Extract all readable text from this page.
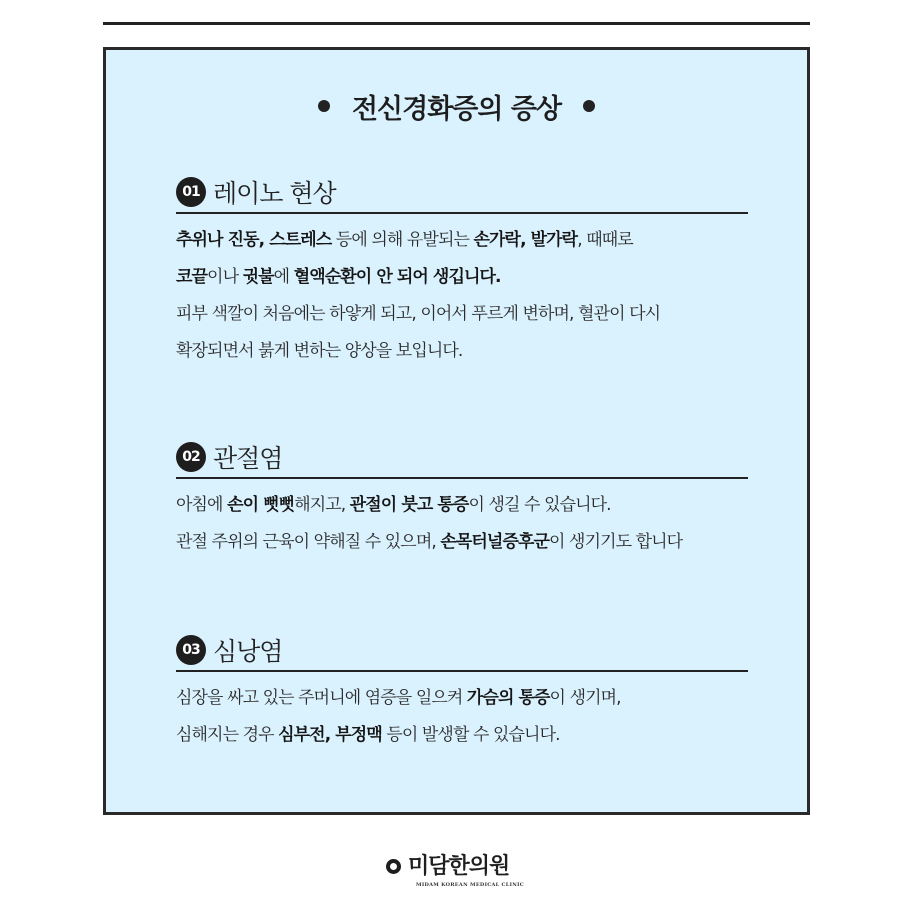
전신경화증의 증상
01 레이노 현상
추위나 진동, 스트레스 등에 의해 유발되는 손가락, 발가락, 때때로
코끝이나 귓불에 혈액순환이 안 되어 생깁니다.
피부 색깔이 처음에는 하얗게 되고, 이어서 푸르게 변하며, 혈관이 다시
확장되면서 붉게 변하는 양상을 보입니다.
02 관절염
아침에 손이 뻣뻣해지고, 관절이 붓고 통증이 생길 수 있습니다.
관절 주위의 근육이 약해질 수 있으며, 손목터널증후군이 생기기도 합니다
03 심낭염
심장을 싸고 있는 주머니에 염증을 일으켜 가슴의 통증이 생기며,
심해지는 경우 심부전, 부정맥 등이 발생할 수 있습니다.
미담한의원
MIDAM KOREAN MEDICAL CLINIC
